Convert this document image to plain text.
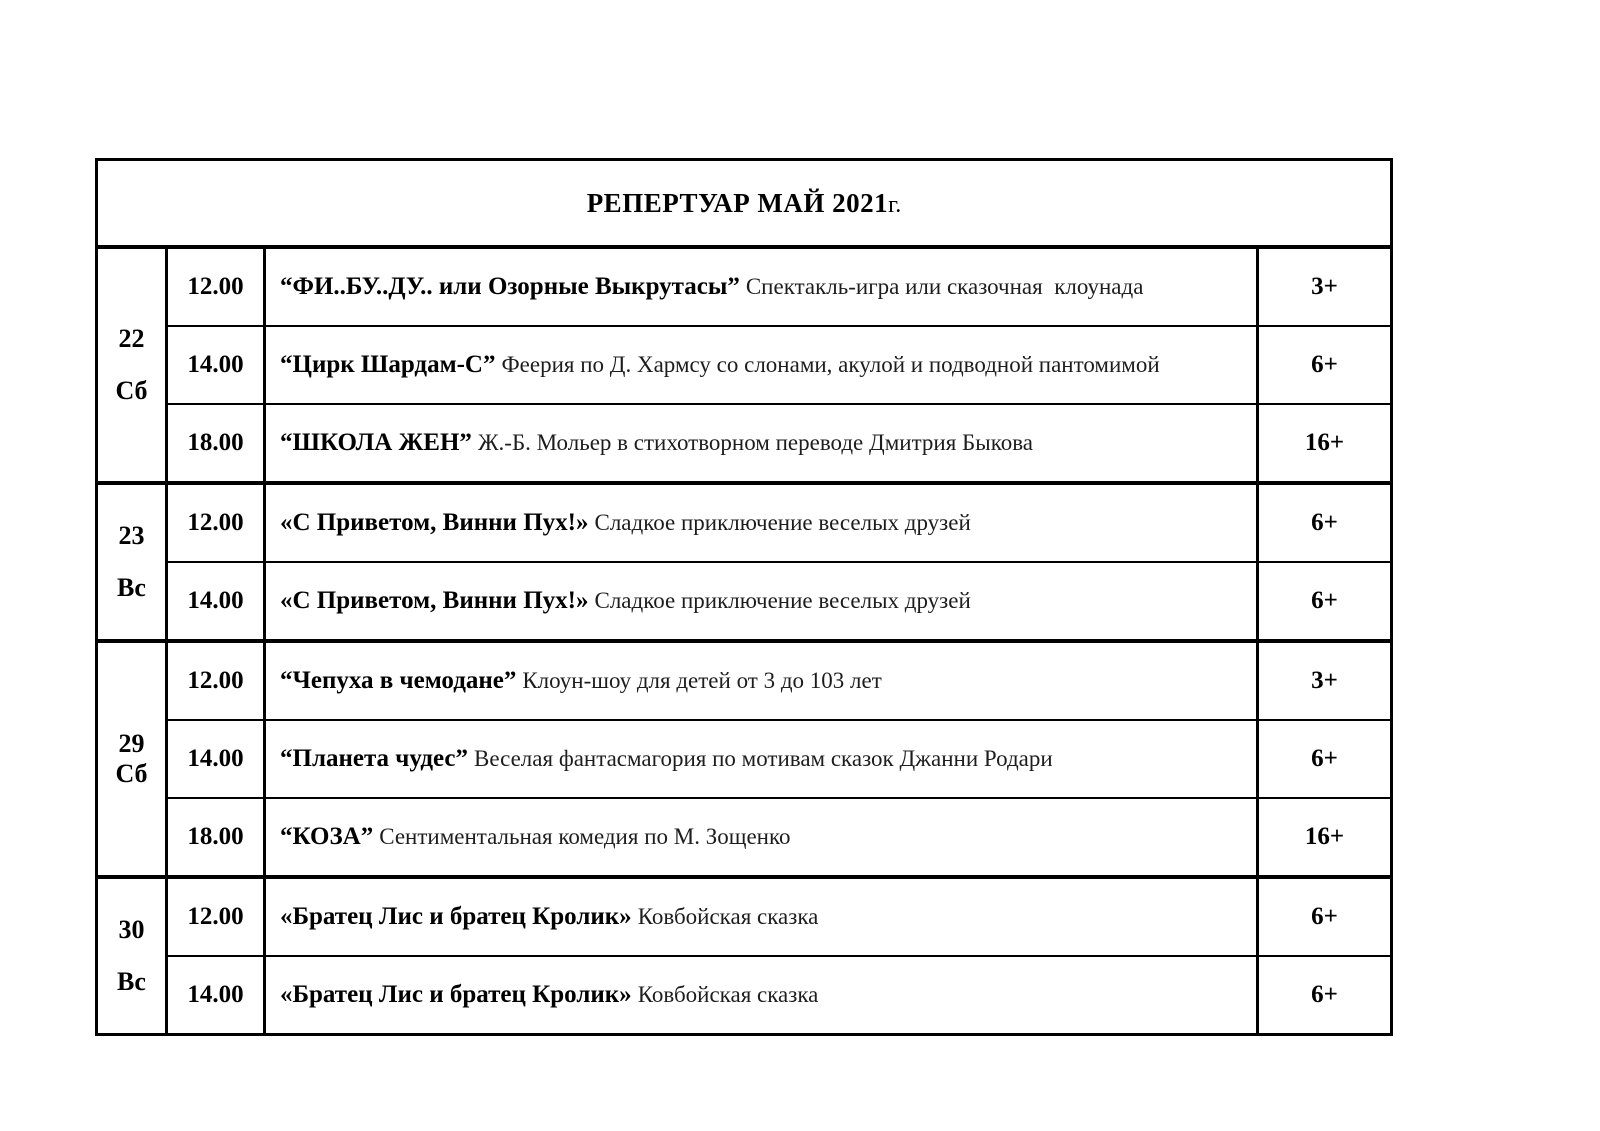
РЕПЕРТУАР МАЙ 2021г.			

22
Сб	12.00	“ФИ..БУ..ДУ.. или Озорные Выкрутасы” Спектакль-игра или сказочная  клоунада	3+
	14.00	“Цирк Шардам-С” Феерия по Д. Хармсу со слонами, акулой и подводной пантомимой	6+
	18.00	“ШКОЛА ЖЕН” Ж.-Б. Мольер в стихотворном переводе Дмитрия Быкова	16+

23
Вс	12.00	«С Приветом, Винни Пух!» Сладкое приключение веселых друзей	6+
	14.00	«С Приветом, Винни Пух!» Сладкое приключение веселых друзей	6+

29
Сб	12.00	“Чепуха в чемодане” Клоун-шоу для детей от 3 до 103 лет	3+
	14.00	“Планета чудес” Веселая фантасмагория по мотивам сказок Джанни Родари	6+
	18.00	“КОЗА” Сентиментальная комедия по М. Зощенко	16+

30
Вс	12.00	«Братец Лис и братец Кролик» Ковбойская сказка	6+
	14.00	«Братец Лис и братец Кролик» Ковбойская сказка	6+
